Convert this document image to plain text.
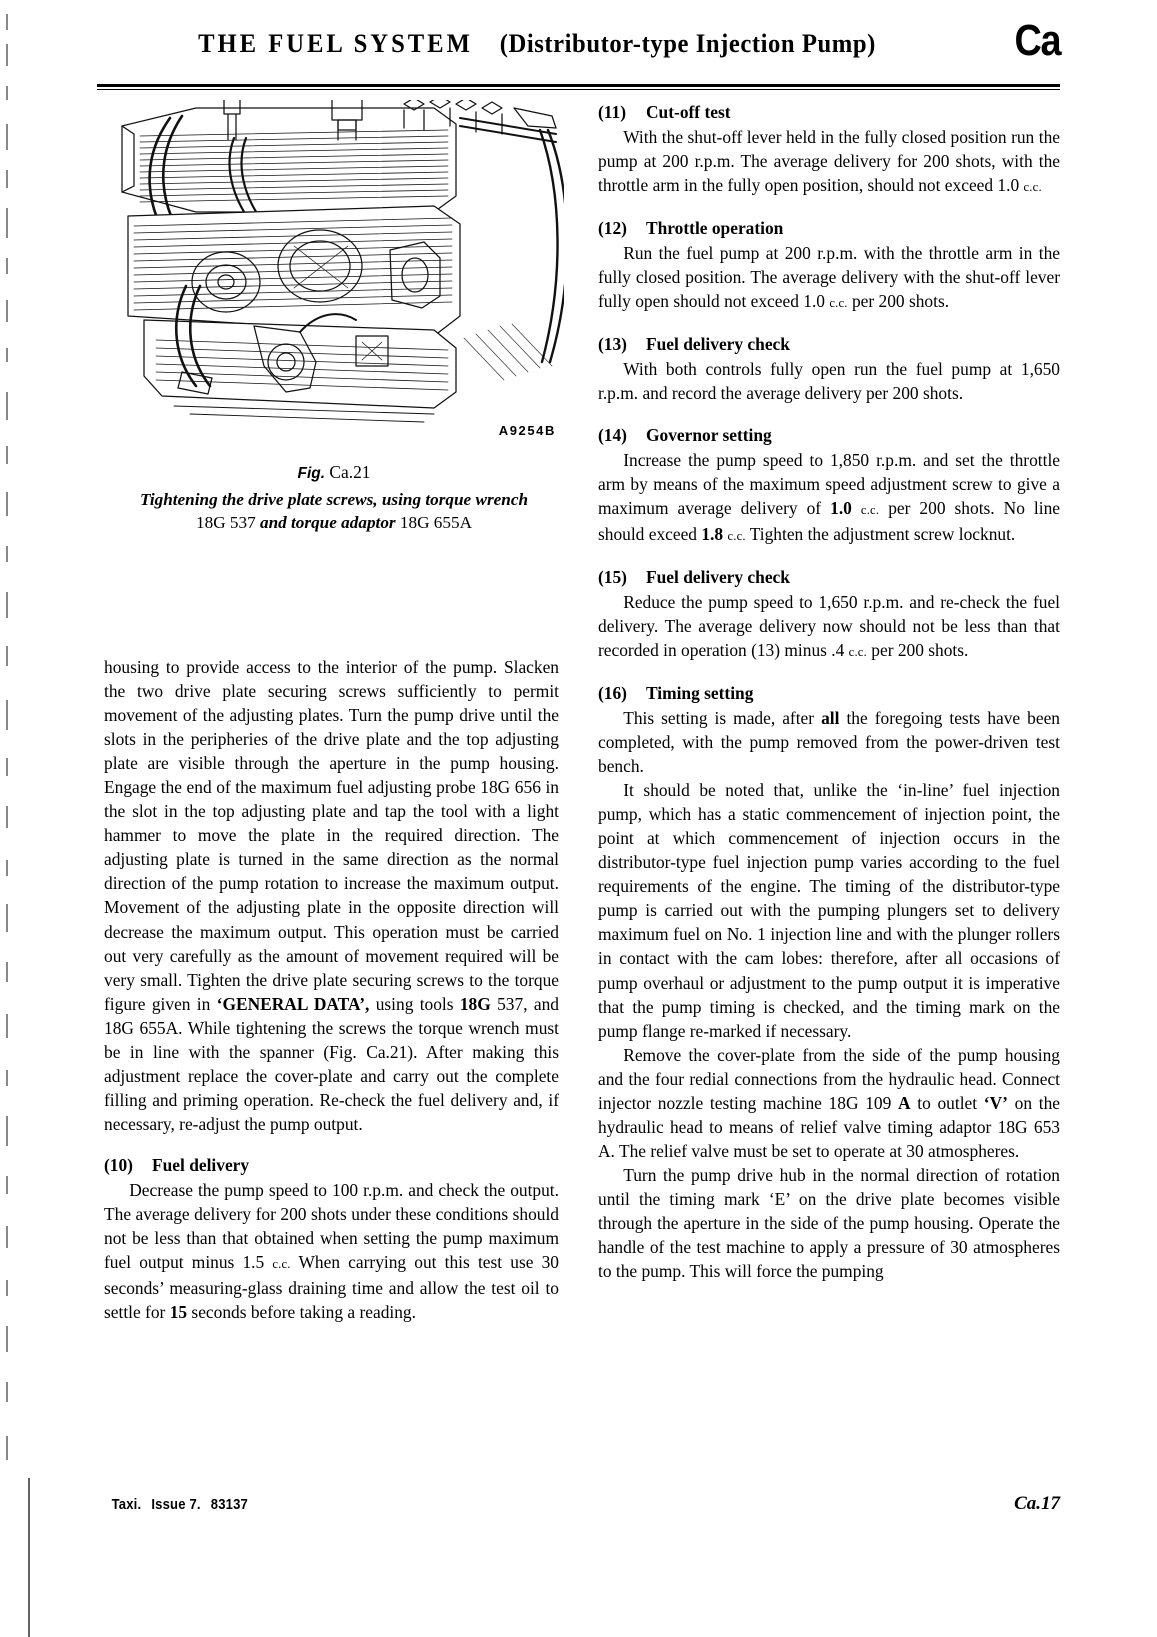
THE FUEL SYSTEM (Distributor-type Injection Pump)	Ca
A9254B
Fig. Ca.21
Tightening the drive plate screws, using torque wrench
18G 537 and torque adaptor 18G 655A

housing to provide access to the interior of the pump. Slacken the two drive plate securing screws sufficiently to permit movement of the adjusting plates. Turn the pump drive until the slots in the peripheries of the drive plate and the top adjusting plate are visible through the aperture in the pump housing. Engage the end of the maximum fuel adjusting probe 18G 656 in the slot in the top adjusting plate and tap the tool with a light hammer to move the plate in the required direction. The adjusting plate is turned in the same direction as the normal direction of the pump rotation to increase the maximum output. Movement of the adjusting plate in the opposite direction will decrease the maximum output. This operation must be carried out very carefully as the amount of movement required will be very small. Tighten the drive plate securing screws to the torque figure given in ‘GENERAL DATA’, using tools 18G 537, and 18G 655A. While tightening the screws the torque wrench must be in line with the spanner (Fig. Ca.21). After making this adjustment replace the cover-plate and carry out the complete filling and priming operation. Re-check the fuel delivery and, if necessary, re-adjust the pump output.

(10)	Fuel delivery

Decrease the pump speed to 100 r.p.m. and check the output. The average delivery for 200 shots under these conditions should not be less than that obtained when setting the pump maximum fuel output minus 1.5 c.c. When carrying out this test use 30 seconds’ measuring-glass draining time and allow the test oil to settle for 15 seconds before taking a reading.

(11)	Cut-off test

With the shut-off lever held in the fully closed position run the pump at 200 r.p.m. The average delivery for 200 shots, with the throttle arm in the fully open position, should not exceed 1.0 c.c.

(12)	Throttle operation

Run the fuel pump at 200 r.p.m. with the throttle arm in the fully closed position. The average delivery with the shut-off lever fully open should not exceed 1.0 c.c. per 200 shots.

(13)	Fuel delivery check

With both controls fully open run the fuel pump at 1,650 r.p.m. and record the average delivery per 200 shots.

(14)	Governor setting

Increase the pump speed to 1,850 r.p.m. and set the throttle arm by means of the maximum speed adjustment screw to give a maximum average delivery of 1.0 c.c. per 200 shots. No line should exceed 1.8 c.c. Tighten the adjustment screw locknut.

(15)	Fuel delivery check

Reduce the pump speed to 1,650 r.p.m. and re-check the fuel delivery. The average delivery now should not be less than that recorded in operation (13) minus .4 c.c. per 200 shots.

(16)	Timing setting

This setting is made, after all the foregoing tests have been completed, with the pump removed from the power-driven test bench.

It should be noted that, unlike the ‘in-line’ fuel injection pump, which has a static commencement of injection point, the point at which commencement of injection occurs in the distributor-type fuel injection pump varies according to the fuel requirements of the engine. The timing of the distributor-type pump is carried out with the pumping plungers set to delivery maximum fuel on No. 1 injection line and with the plunger rollers in contact with the cam lobes: therefore, after all occasions of pump overhaul or adjustment to the pump output it is imperative that the pump timing is checked, and the timing mark on the pump flange re-marked if necessary.

Remove the cover-plate from the side of the pump housing and the four redial connections from the hydraulic head. Connect injector nozzle testing machine 18G 109 A to outlet ‘V’ on the hydraulic head to means of relief valve timing adaptor 18G 653 A. The relief valve must be set to operate at 30 atmospheres.

Turn the pump drive hub in the normal direction of rotation until the timing mark ‘E’ on the drive plate becomes visible through the aperture in the side of the pump housing. Operate the handle of the test machine to apply a pressure of 30 atmospheres to the pump. This will force the pumping

Taxi. Issue 7. 83137	Ca.17
